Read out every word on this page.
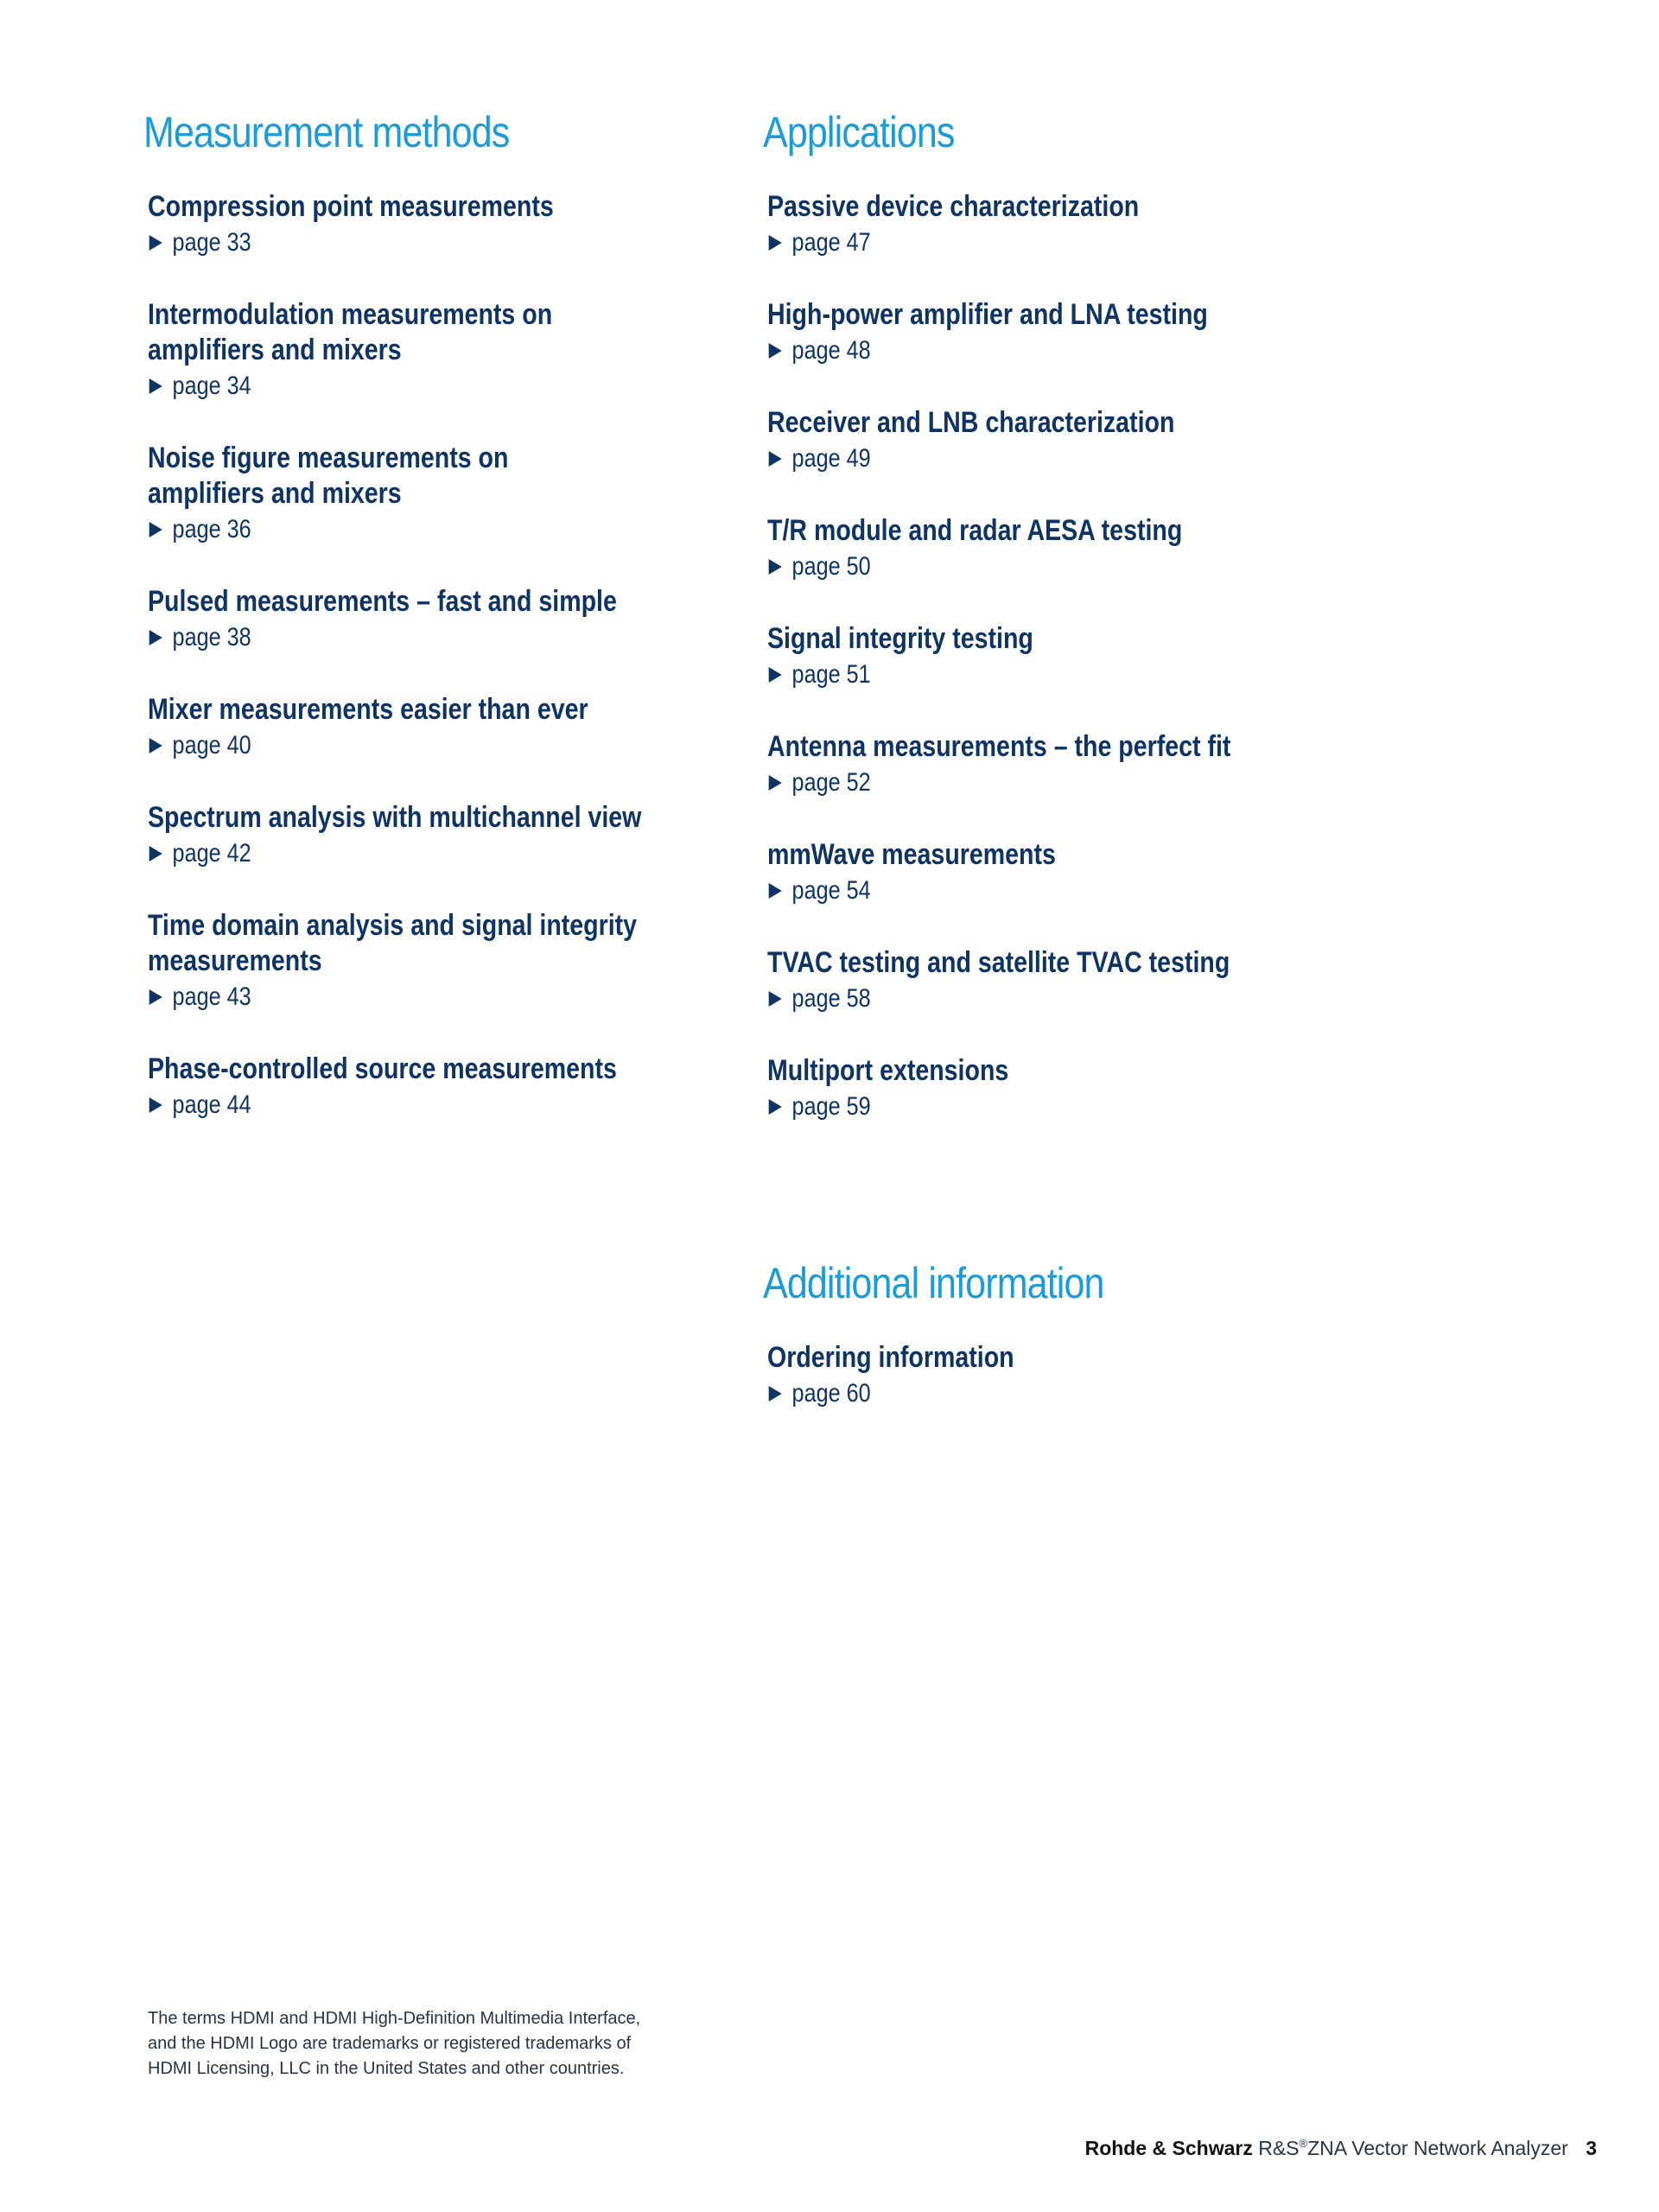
Measurement methods
Compression point measurements
page 33
Intermodulation measurements on
amplifiers and mixers
page 34
Noise figure measurements on
amplifiers and mixers
page 36
Pulsed measurements – fast and simple
page 38
Mixer measurements easier than ever
page 40
Spectrum analysis with multichannel view
page 42
Time domain analysis and signal integrity
measurements
page 43
Phase-controlled source measurements
page 44
Applications
Passive device characterization
page 47
High-power amplifier and LNA testing
page 48
Receiver and LNB characterization
page 49
T/R module and radar AESA testing
page 50
Signal integrity testing
page 51
Antenna measurements – the perfect fit
page 52
mmWave measurements
page 54
TVAC testing and satellite TVAC testing
page 58
Multiport extensions
page 59
Additional information
Ordering information
page 60

The terms HDMI and HDMI High-Definition Multimedia Interface,

and the HDMI Logo are trademarks or registered trademarks of

HDMI Licensing, LLC in the United States and other countries.

Rohde & Schwarz R&S®ZNA Vector Network Analyzer 3
